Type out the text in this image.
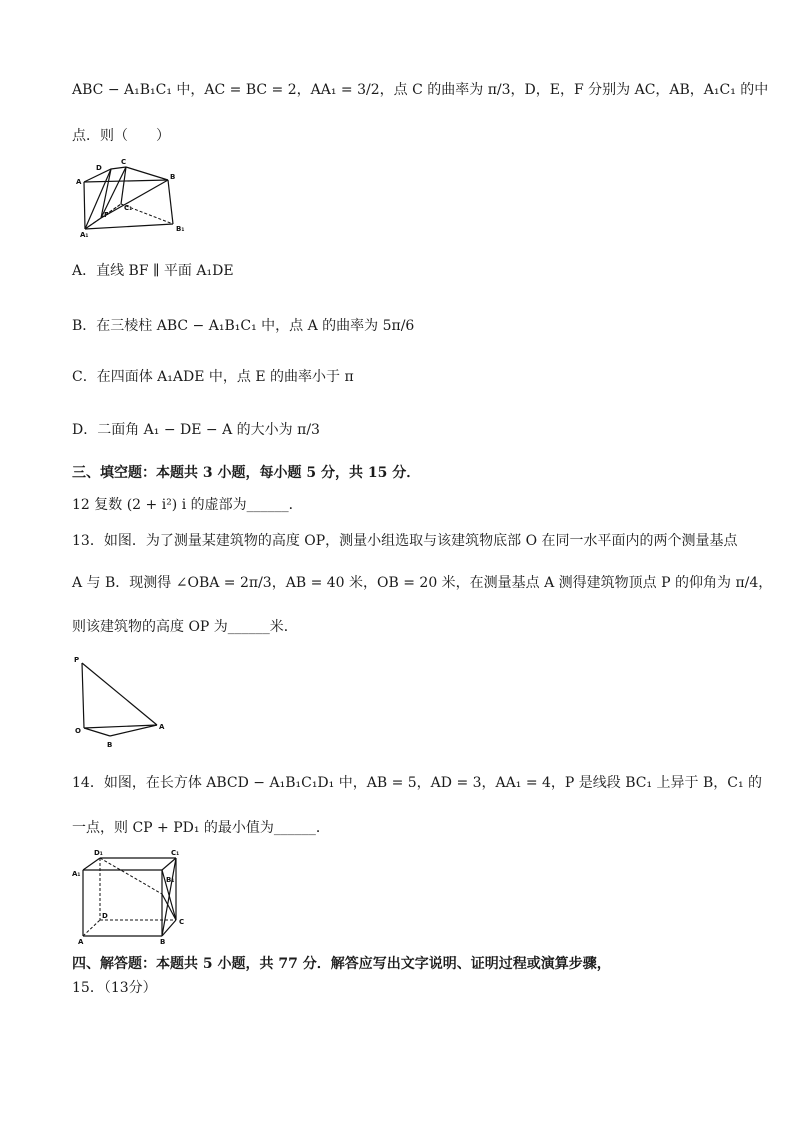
ABC − A₁B₁C₁ 中，AC = BC = 2，AA₁ = 3/2，点 C 的曲率为 π/3，D，E，F 分别为 AC，AB，A₁C₁ 的中
点．则（　　）
D
C
B
A
F
C₁
A₁
B₁
A．直线 BF ∥ 平面 A₁DE
B．在三棱柱 ABC − A₁B₁C₁ 中，点 A 的曲率为 5π/6
C．在四面体 A₁ADE 中，点 E 的曲率小于 π
D．二面角 A₁ − DE − A 的大小为 π/3
三、填空题：本题共 3 小题，每小题 5 分，共 15 分．
12 复数 (2 + i²) i 的虚部为______．
13．如图．为了测量某建筑物的高度 OP，测量小组选取与该建筑物底部 O 在同一水平面内的两个测量基点
A 与 B．现测得 ∠OBA = 2π/3，AB = 40 米，OB = 20 米，在测量基点 A 测得建筑物顶点 P 的仰角为 π/4，
则该建筑物的高度 OP 为______米．
P
O	A
B
14．如图，在长方体 ABCD − A₁B₁C₁D₁ 中，AB = 5，AD = 3，AA₁ = 4，P 是线段 BC₁ 上异于 B，C₁ 的
一点，则 CP + PD₁ 的最小值为______．
D₁	C₁
A₁
B₁
D
C
A	B
四、解答题：本题共 5 小题，共 77 分．解答应写出文字说明、证明过程或演算步骤，
15．（13分）
